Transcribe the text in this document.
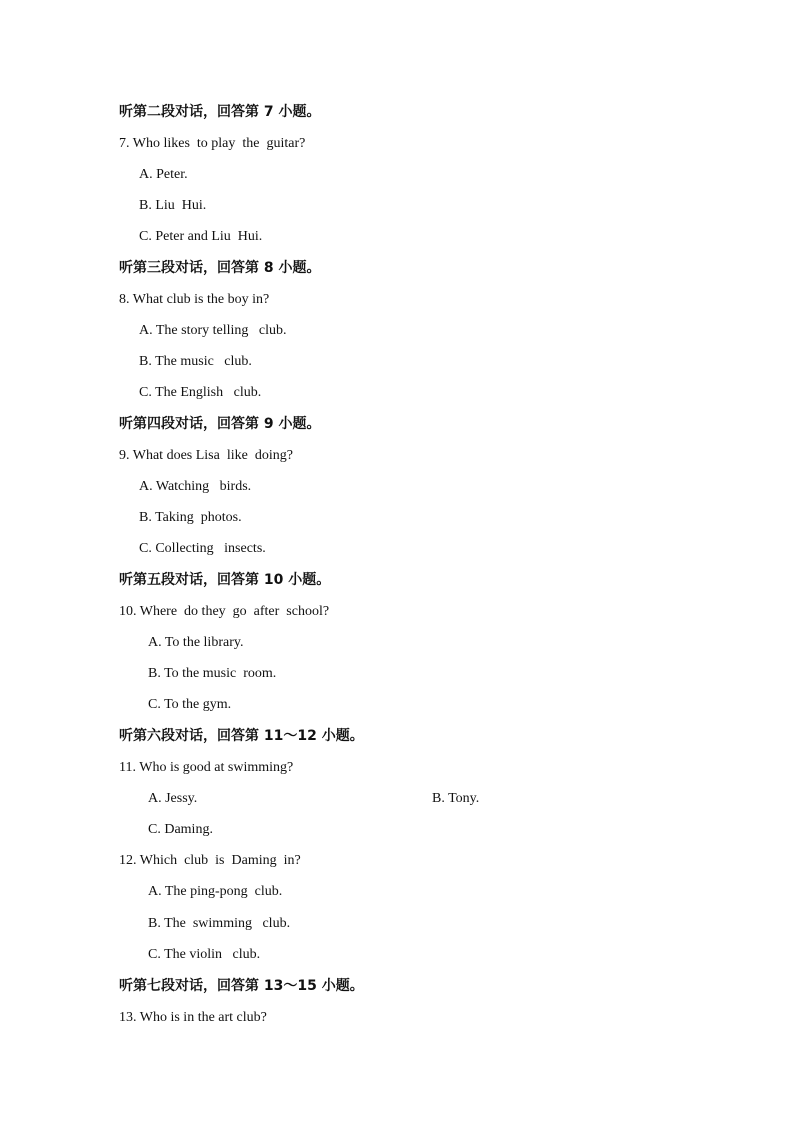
听第二段对话，回答第 7 小题。
7. Who likes  to play  the  guitar?
A. Peter.
B. Liu  Hui.
C. Peter and Liu  Hui.
听第三段对话，回答第 8 小题。
8. What club is the boy in?
A. The story telling   club.
B. The music   club.
C. The English   club.
听第四段对话，回答第 9 小题。
9. What does Lisa  like  doing?
A. Watching   birds.
B. Taking  photos.
C. Collecting   insects.
听第五段对话，回答第 10 小题。
10. Where  do they  go  after  school?
A. To the library.
B. To the music  room.
C. To the gym.
听第六段对话，回答第 11～12 小题。
11. Who is good at swimming?
A. Jessy.	B. Tony.
C. Daming.
12. Which  club  is  Daming  in?
A. The ping-pong  club.
B. The  swimming   club.
C. The violin   club.
听第七段对话，回答第 13～15 小题。
13. Who is in the art club?
